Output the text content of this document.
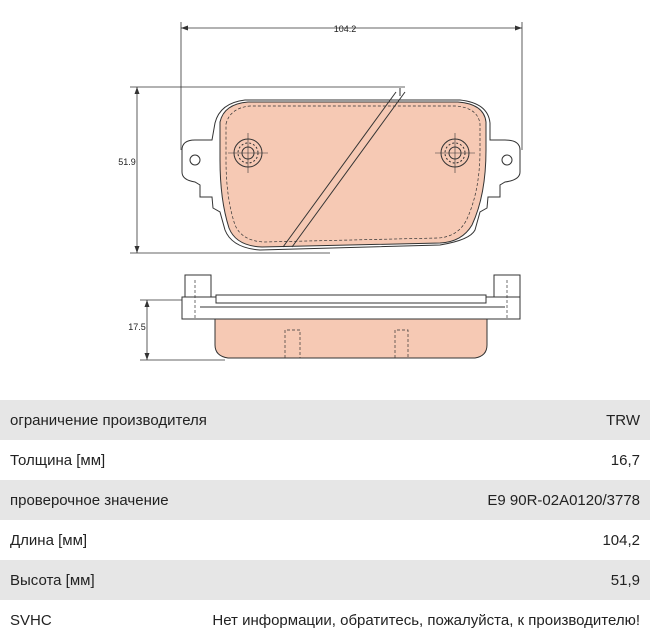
104.2
51.9
17.5
ограничение производителя	TRW
Толщина [мм]	16,7
проверочное значение	E9 90R-02A0120/3778
Длина [мм]	104,2
Высота [мм]	51,9
SVHC	Нет информации, обратитесь, пожалуйста, к производителю!
